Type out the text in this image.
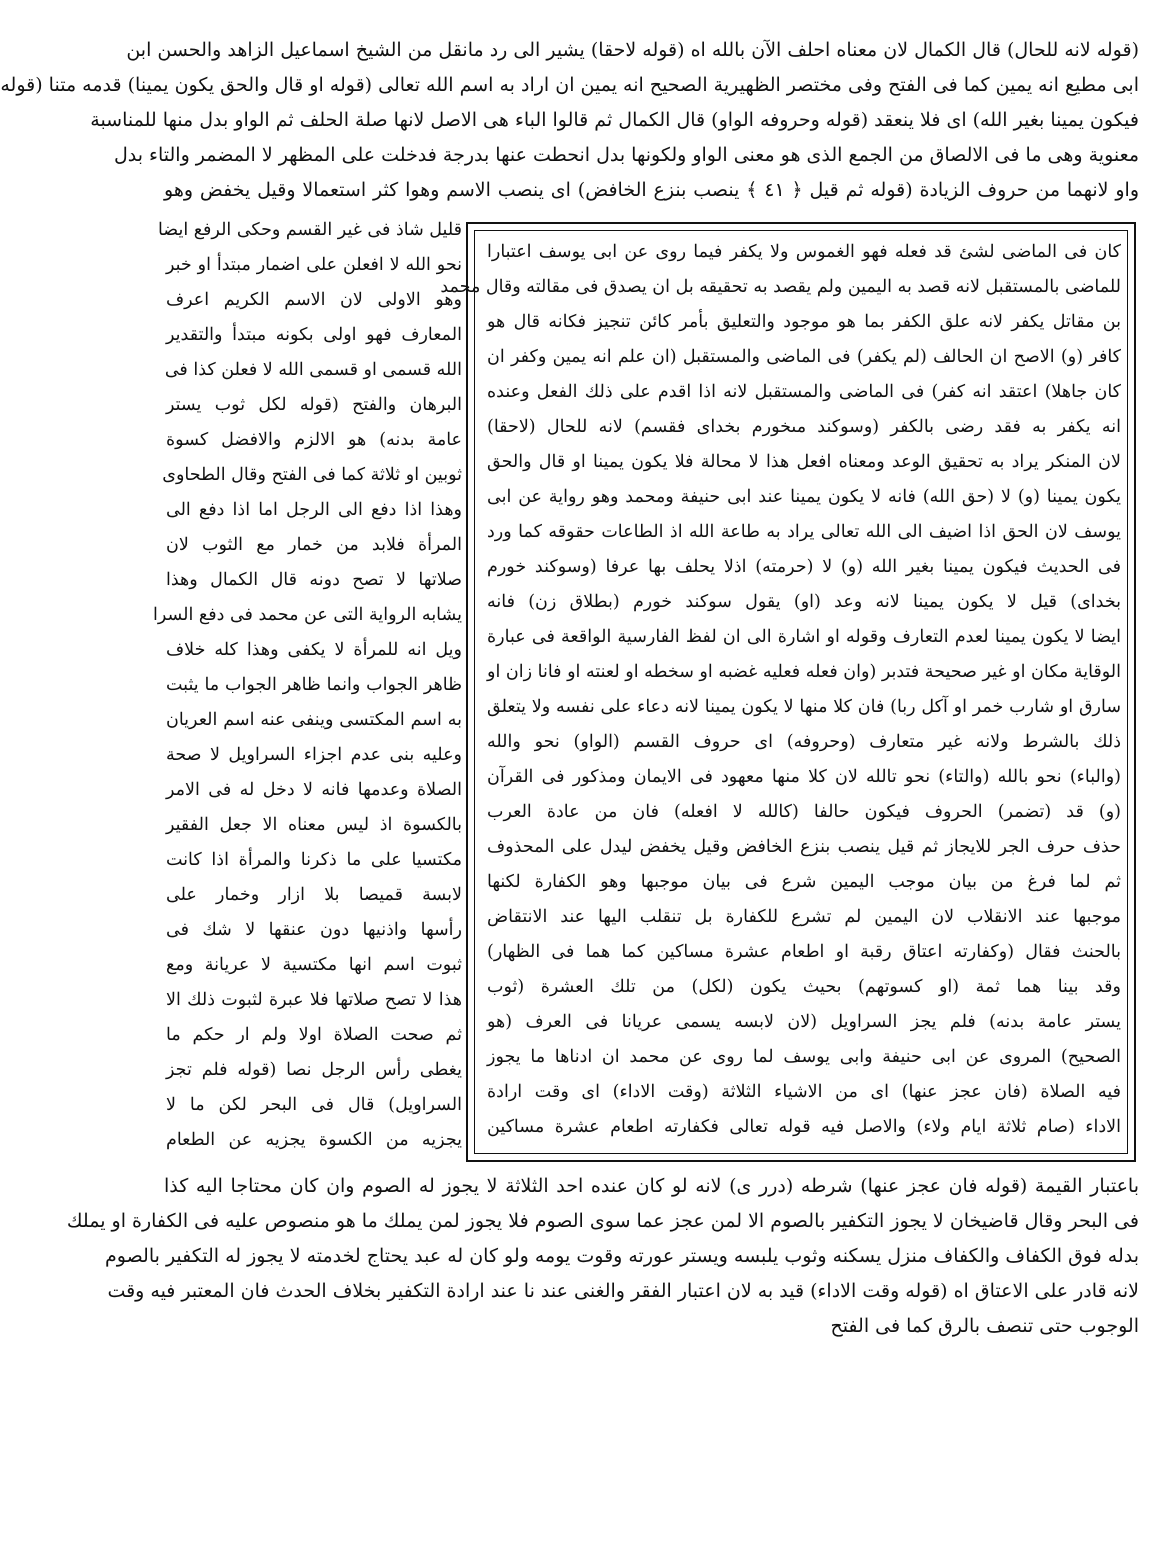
(قوله لانه للحال) قال الكمال لان معناه احلف الآن بالله اه (قوله لاحقا) يشير الى رد مانقل من الشيخ اسماعيل الزاهد والحسن ابن
ابى مطيع انه يمين كما فى الفتح وفى مختصر الظهيرية الصحيح انه يمين ان اراد به اسم الله تعالى (قوله او قال والحق يكون يمينا) قدمه متنا (قوله
فيكون يمينا بغير الله) اى فلا ينعقد (قوله وحروفه الواو) قال الكمال ثم قالوا الباء هى الاصل لانها صلة الحلف ثم الواو بدل منها للمناسبة
معنوية وهى ما فى الالصاق من الجمع الذى هو معنى الواو ولكونها بدل انحطت عنها بدرجة فدخلت على المظهر لا المضمر والتاء بدل
واو لانهما من حروف الزيادة (قوله ثم قيل ﴿ ٤١ ﴾ ينصب بنزع الخافض) اى ينصب الاسم وهوا كثر استعمالا وقيل يخفض وهو
كان فى الماضى لشئ قد فعله فهو الغموس ولا يكفر فيما روى عن ابى يوسف اعتبارا
للماضى بالمستقبل لانه قصد به اليمين ولم يقصد به تحقيقه بل ان يصدق فى مقالته وقال محمد
بن مقاتل يكفر لانه علق الكفر بما هو موجود والتعليق بأمر كائن تنجيز فكانه قال هو
كافر (و) الاصح ان الحالف (لم يكفر) فى الماضى والمستقبل (ان علم انه يمين وكفر ان
كان جاهلا) اعتقد انه كفر) فى الماضى والمستقبل لانه اذا اقدم على ذلك الفعل وعنده
انه يكفر به فقد رضى بالكفر (وسوكند مىخورم بخداى فقسم) لانه للحال (لاحقا)
لان المنكر يراد به تحقيق الوعد ومعناه افعل هذا لا محالة فلا يكون يمينا او قال والحق
يكون يمينا (و) لا (حق الله) فانه لا يكون يمينا عند ابى حنيفة ومحمد وهو رواية عن ابى
يوسف لان الحق اذا اضيف الى الله تعالى يراد به طاعة الله اذ الطاعات حقوقه كما ورد
فى الحديث فيكون يمينا بغير الله (و) لا (حرمته) اذلا يحلف بها عرفا (وسوكند خورم
بخداى) قيل لا يكون يمينا لانه وعد (او) يقول سوكند خورم (بطلاق زن) فانه
ايضا لا يكون يمينا لعدم التعارف وقوله او اشارة الى ان لفظ الفارسية الواقعة فى عبارة
الوقاية مكان او غير صحيحة فتدبر (وان فعله فعليه غضبه او سخطه او لعنته او فانا زان او
سارق او شارب خمر او آكل ربا) فان كلا منها لا يكون يمينا لانه دعاء على نفسه ولا يتعلق
ذلك بالشرط ولانه غير متعارف (وحروفه) اى حروف القسم (الواو) نحو والله
(والباء) نحو بالله (والتاء) نحو تالله لان كلا منها معهود فى الايمان ومذكور فى القرآن
(و) قد (تضمر) الحروف فيكون حالفا (كالله لا افعله) فان من عادة العرب
حذف حرف الجر للايجاز ثم قيل ينصب بنزع الخافض وقيل يخفض ليدل على المحذوف
ثم لما فرغ من بيان موجب اليمين شرع فى بيان موجبها وهو الكفارة لكنها
موجبها عند الانقلاب لان اليمين لم تشرع للكفارة بل تنقلب اليها عند الانتقاض
بالحنث فقال (وكفارته اعتاق رقبة او اطعام عشرة مساكين كما هما فى الظهار)
وقد بينا هما ثمة (او كسوتهم) بحيث يكون (لكل) من تلك العشرة (ثوب
يستر عامة بدنه) فلم يجز السراويل (لان لابسه يسمى عريانا فى العرف (هو
الصحيح) المروى عن ابى حنيفة وابى يوسف لما روى عن محمد ان ادناها ما يجوز
فيه الصلاة (فان عجز عنها) اى من الاشياء الثلاثة (وقت الاداء) اى وقت ارادة
الاداء (صام ثلاثة ايام ولاء) والاصل فيه قوله تعالى فكفارته اطعام عشرة مساكين
قليل شاذ فى غير القسم وحكى الرفع ايضا
نحو الله لا افعلن على اضمار مبتدأ او خبر
وهو الاولى لان الاسم الكريم اعرف
المعارف فهو اولى بكونه مبتدأ والتقدير
الله قسمى او قسمى الله لا فعلن كذا فى
البرهان والفتح (قوله لكل ثوب يستر
عامة بدنه) هو الالزم والافضل كسوة
ثوبين او ثلاثة كما فى الفتح وقال الطحاوى
وهذا اذا دفع الى الرجل اما اذا دفع الى
المرأة فلابد من خمار مع الثوب لان
صلاتها لا تصح دونه قال الكمال وهذا
يشابه الرواية التى عن محمد فى دفع السرا
ويل انه للمرأة لا يكفى وهذا كله خلاف
ظاهر الجواب وانما ظاهر الجواب ما يثبت
به اسم المكتسى وينفى عنه اسم العريان
وعليه بنى عدم اجزاء السراويل لا صحة
الصلاة وعدمها فانه لا دخل له فى الامر
بالكسوة اذ ليس معناه الا جعل الفقير
مكتسيا على ما ذكرنا والمرأة اذا كانت
لابسة قميصا بلا ازار وخمار على
رأسها واذنيها دون عنقها لا شك فى
ثبوت اسم انها مكتسية لا عريانة ومع
هذا لا تصح صلاتها فلا عبرة لثبوت ذلك الا
ثم صحت الصلاة اولا ولم ار حكم ما
يغطى رأس الرجل نصا (قوله فلم تجز
السراويل) قال فى البحر لكن ما لا
يجزيه من الكسوة يجزيه عن الطعام
باعتبار القيمة (قوله فان عجز عنها) شرطه (درر ى) لانه لو كان عنده احد الثلاثة لا يجوز له الصوم وان كان محتاجا اليه كذا
فى البحر وقال قاضيخان لا يجوز التكفير بالصوم الا لمن عجز عما سوى الصوم فلا يجوز لمن يملك ما هو منصوص عليه فى الكفارة او يملك
بدله فوق الكفاف والكفاف منزل يسكنه وثوب يلبسه ويستر عورته وقوت يومه ولو كان له عبد يحتاج لخدمته لا يجوز له التكفير بالصوم
لانه قادر على الاعتاق اه (قوله وقت الاداء) قيد به لان اعتبار الفقر والغنى عند نا عند ارادة التكفير بخلاف الحدث فان المعتبر فيه وقت
الوجوب حتى تنصف بالرق كما فى الفتح
